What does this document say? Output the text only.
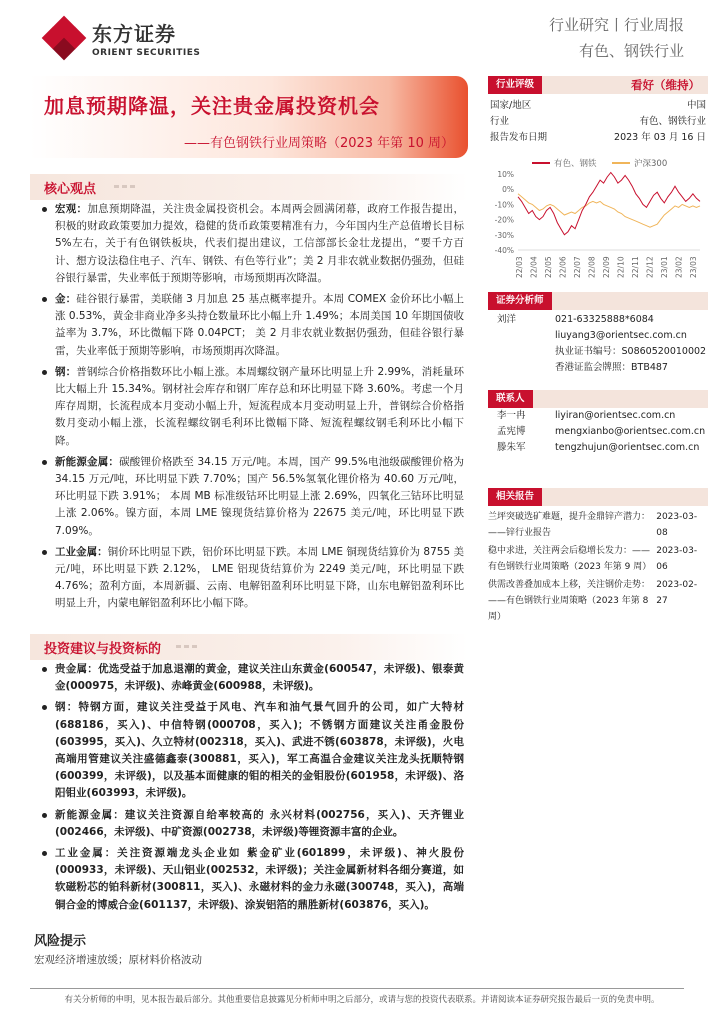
东方证券
ORIENT SECURITIES
行业研究丨行业周报
有色、钢铁行业
加息预期降温，关注贵金属投资机会
——有色钢铁行业周策略（2023 年第 10 周）
核心观点
宏观：加息预期降温，关注贵金属投资机会。本周两会圆满闭幕，政府工作报告提出，积极的财政政策要加力提效，稳健的货币政策要精准有力，今年国内生产总值增长目标 5%左右，关于有色钢铁板块，代表们提出建议，工信部部长金壮龙提出，“要千方百计、想方设法稳住电子、汽车、钢铁、有色等行业”；美 2 月非农就业数据仍强劲，但硅谷银行暴雷，失业率低于预期等影响，市场预期再次降温。
金：硅谷银行暴雷，美联储 3 月加息 25 基点概率提升。本周 COMEX 金价环比小幅上涨 0.53%，黄金非商业净多头持仓数量环比小幅上升 1.49%；本周美国 10 年期国债收益率为 3.7%，环比微幅下降 0.04PCT； 美 2 月非农就业数据仍强劲，但硅谷银行暴雷，失业率低于预期等影响，市场预期再次降温。
钢：普钢综合价格指数环比小幅上涨。本周螺纹钢产量环比明显上升 2.99%，消耗量环比大幅上升 15.34%。钢材社会库存和钢厂库存总和环比明显下降 3.60%。考虑一个月库存周期，长流程成本月变动小幅上升，短流程成本月变动明显上升，普钢综合价格指数月变动小幅上涨，长流程螺纹钢毛利环比微幅下降、短流程螺纹钢毛利环比小幅下降。
新能源金属：碳酸锂价格跌至 34.15 万元/吨。本周，国产 99.5%电池级碳酸锂价格为 34.15 万元/吨，环比明显下跌 7.70%；国产 56.5%氢氧化锂价格为 40.60 万元/吨，环比明显下跌 3.91%； 本周 MB 标准级钴环比明显上涨 2.69%，四氧化三钴环比明显上涨 2.06%。镍方面，本周 LME 镍现货结算价格为 22675 美元/吨，环比明显下跌 7.09%。
工业金属：铜价环比明显下跌，铝价环比明显下跌。本周 LME 铜现货结算价为 8755 美元/吨，环比明显下跌 2.12%， LME 铝现货结算价为 2249 美元/吨，环比明显下跌 4.76%；盈利方面，本周新疆、云南、电解铝盈利环比明显下降，山东电解铝盈利环比明显上升，内蒙电解铝盈利环比小幅下降。
投资建议与投资标的
贵金属：优选受益于加息退潮的黄金，建议关注山东黄金(600547，未评级)、银泰黄金(000975，未评级)、赤峰黄金(600988，未评级)。
钢：特钢方面，建议关注受益于风电、汽车和油气景气回升的公司，如广大特材(688186，买入)、中信特钢(000708，买入)；不锈钢方面建议关注甬金股份(603995，买入)、久立特材(002318，买入)、武进不锈(603878，未评级)，火电高端用管建议关注盛德鑫泰(300881，买入)，军工高温合金建议关注龙头抚顺特钢(600399，未评级)，以及基本面健康的钼的相关的金钼股份(601958，未评级)、洛阳钼业(603993，未评级)。
新能源金属：建议关注资源自给率较高的 永兴材料(002756，买入)、天齐锂业(002466，未评级)、中矿资源(002738，未评级)等锂资源丰富的企业。
工业金属：关注资源端龙头企业如 紫金矿业(601899，未评级)、神火股份(000933，未评级)、天山铝业(002532，未评级)；关注金属新材料各细分赛道，如软磁粉芯的铂科新材(300811，买入)、永磁材料的金力永磁(300748，买入)，高端铜合金的博威合金(601137，未评级)、涂炭铝箔的鼎胜新材(603876，买入)。
风险提示
宏观经济增速放缓；原材料价格波动
行业评级	看好（维持）
国家/地区	中国
行业	有色、钢铁行业
报告发布日期	2023 年 03 月 16 日
有色、钢铁	沪深300
10%
0%
-10%
-20%
-30%
-40%
22/03 22/04 22/05 22/06 22/07 22/08 22/09 22/10 22/11 22/12 23/01 23/02 23/03
证券分析师
刘洋	021-63325888*6084
liuyang3@orientsec.com.cn
执业证书编号：S0860520010002
香港证监会牌照：BTB487
联系人
李一冉	liyiran@orientsec.com.cn
孟宪博	mengxianbo@orientsec.com.cn
滕朱军	tengzhujun@orientsec.com.cn
相关报告
兰坪突破选矿难题，提升金鼎锌产潜力：——锌行业报告
2023-03-08
稳中求进，关注两会后稳增长发力：——有色钢铁行业周策略（2023 年第 9 周）
2023-03-06
供需改善叠加成本上移，关注钢价走势：——有色钢铁行业周策略（2023 年第 8 周）
2023-02-27
有关分析师的申明，见本报告最后部分。其他重要信息披露见分析师申明之后部分，或请与您的投资代表联系。并请阅读本证券研究报告最后一页的免责申明。
